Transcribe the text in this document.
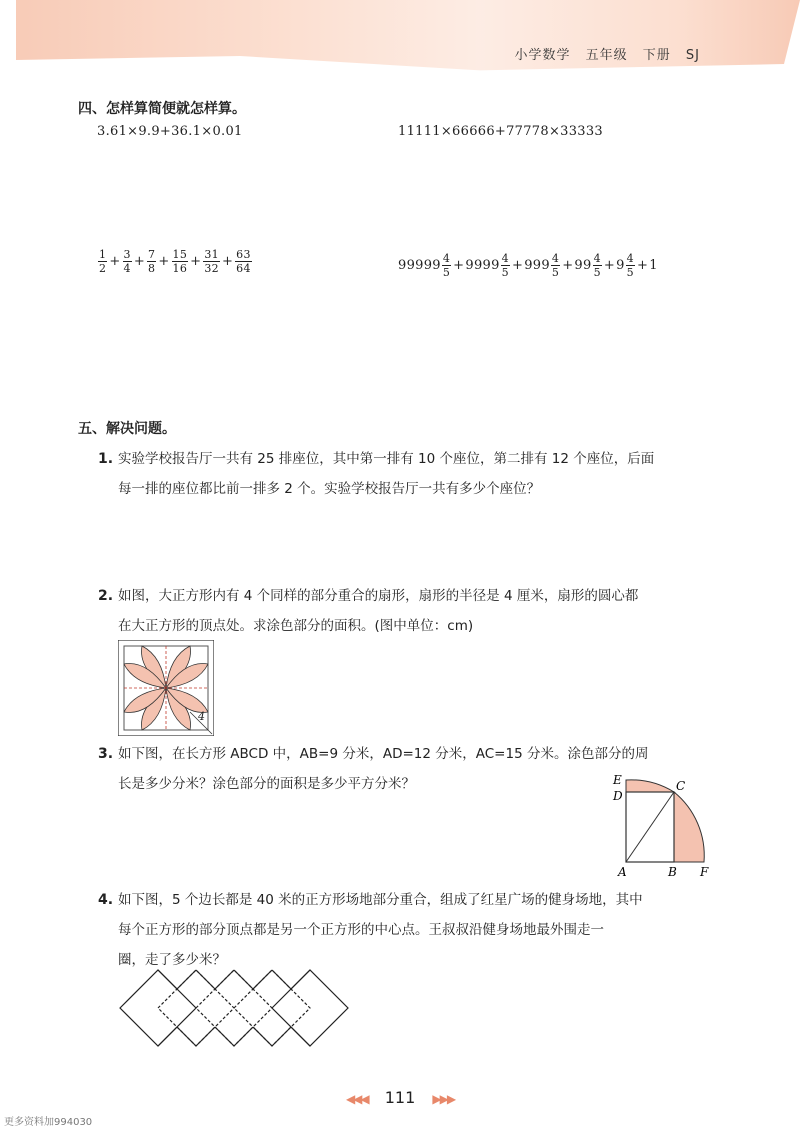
小学数学 五年级 下册 SJ
四、怎样算简便就怎样算。
3.61×9.9+36.1×0.01	11111×66666+77778×33333
$\frac{1}{2} + \frac{3}{4} + \frac{7}{8} + \frac{15}{16} + \frac{31}{32} + \frac{63}{64}$	$99999 \frac{4}{5} +9999 \frac{4}{5} +999 \frac{4}{5} +99 \frac{4}{5} +9 \frac{4}{5} +1$
五、解决问题。
1. 实验学校报告厅一共有 25 排座位，其中第一排有 10 个座位，第二排有 12 个座位，后面
每一排的座位都比前一排多 2 个。实验学校报告厅一共有多少个座位？
2. 如图，大正方形内有 4 个同样的部分重合的扇形，扇形的半径是 4 厘米，扇形的圆心都
在大正方形的顶点处。求涂色部分的面积。(图中单位：cm)
4
3. 如下图，在长方形 ABCD 中，AB=9 分米，AD=12 分米，AC=15 分米。涂色部分的周
长是多少分米？涂色部分的面积是多少平方分米？	E
D
C
A	B F
4. 如下图，5 个边长都是 40 米的正方形场地部分重合，组成了红星广场的健身场地，其中
每个正方形的部分顶点都是另一个正方形的中心点。王叔叔沿健身场地最外围走一
圈，走了多少米？
◀◀◀ 111 ▶▶▶
更多资料加994030
